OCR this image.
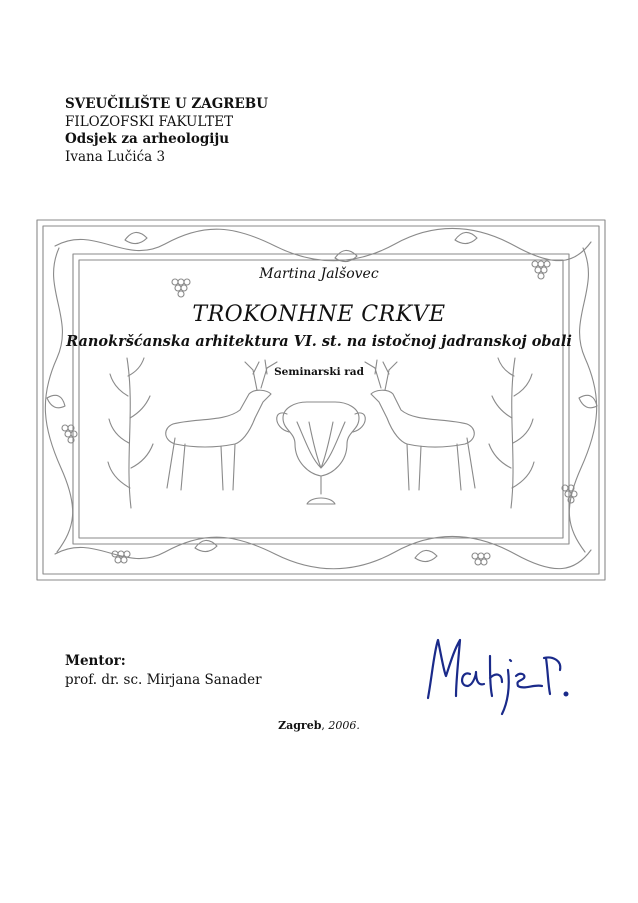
SVEUČILIŠTE U ZAGREBU
FILOZOFSKI FAKULTET
Odsjek za arheologiju
Ivana Lučića 3
Martina Jalšovec
TROKONHNE CRKVE
Ranokršćanska arhitektura VI. st. na istočnoj jadranskoj obali
Seminarski rad
Mentor:
prof. dr. sc. Mirjana Sanader
Zagreb, 2006.
